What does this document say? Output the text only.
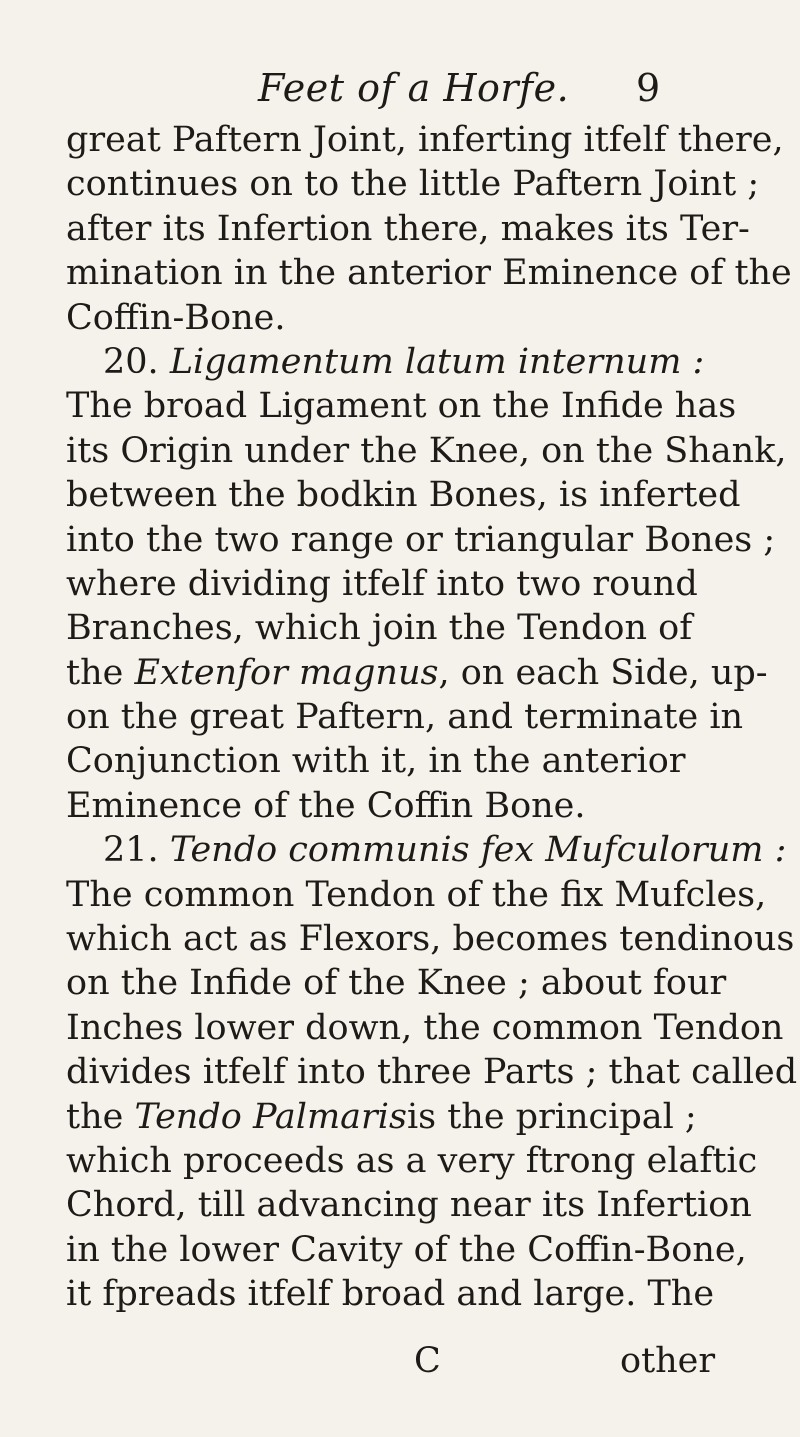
Feet of a Horfe. 9
great Paftern Joint, inferting itfelf there,
continues on to the little Paftern Joint ;
after its Infertion there, makes its Ter-
mination in the anterior Eminence of the
Coffin-Bone.
20.
Ligamentum latum internum :
The broad Ligament on the Infide has
its Origin under the Knee, on the Shank,
between the bodkin Bones, is inferted
into the two range or triangular Bones ;
where dividing itfelf into two round
Branches, which join the Tendon of
the
Extenfor magnus , on each Side, up-
on the great Paftern, and terminate in
Conjunction with it, in the anterior
Eminence of the Coffin Bone.
21.
Tendo communis fex Mufculorum :
The common Tendon of the fix Mufcles,
which act as Flexors, becomes tendinous
on the Infide of the Knee ; about four
Inches lower down, the common Tendon
divides itfelf into three Parts ; that called
the
Tendo Palmaris is the principal ;
which proceeds as a very ftrong elaftic
Chord, till advancing near its Infertion
in the lower Cavity of the Coffin-Bone,
it fpreads itfelf broad and large. The
C	other
